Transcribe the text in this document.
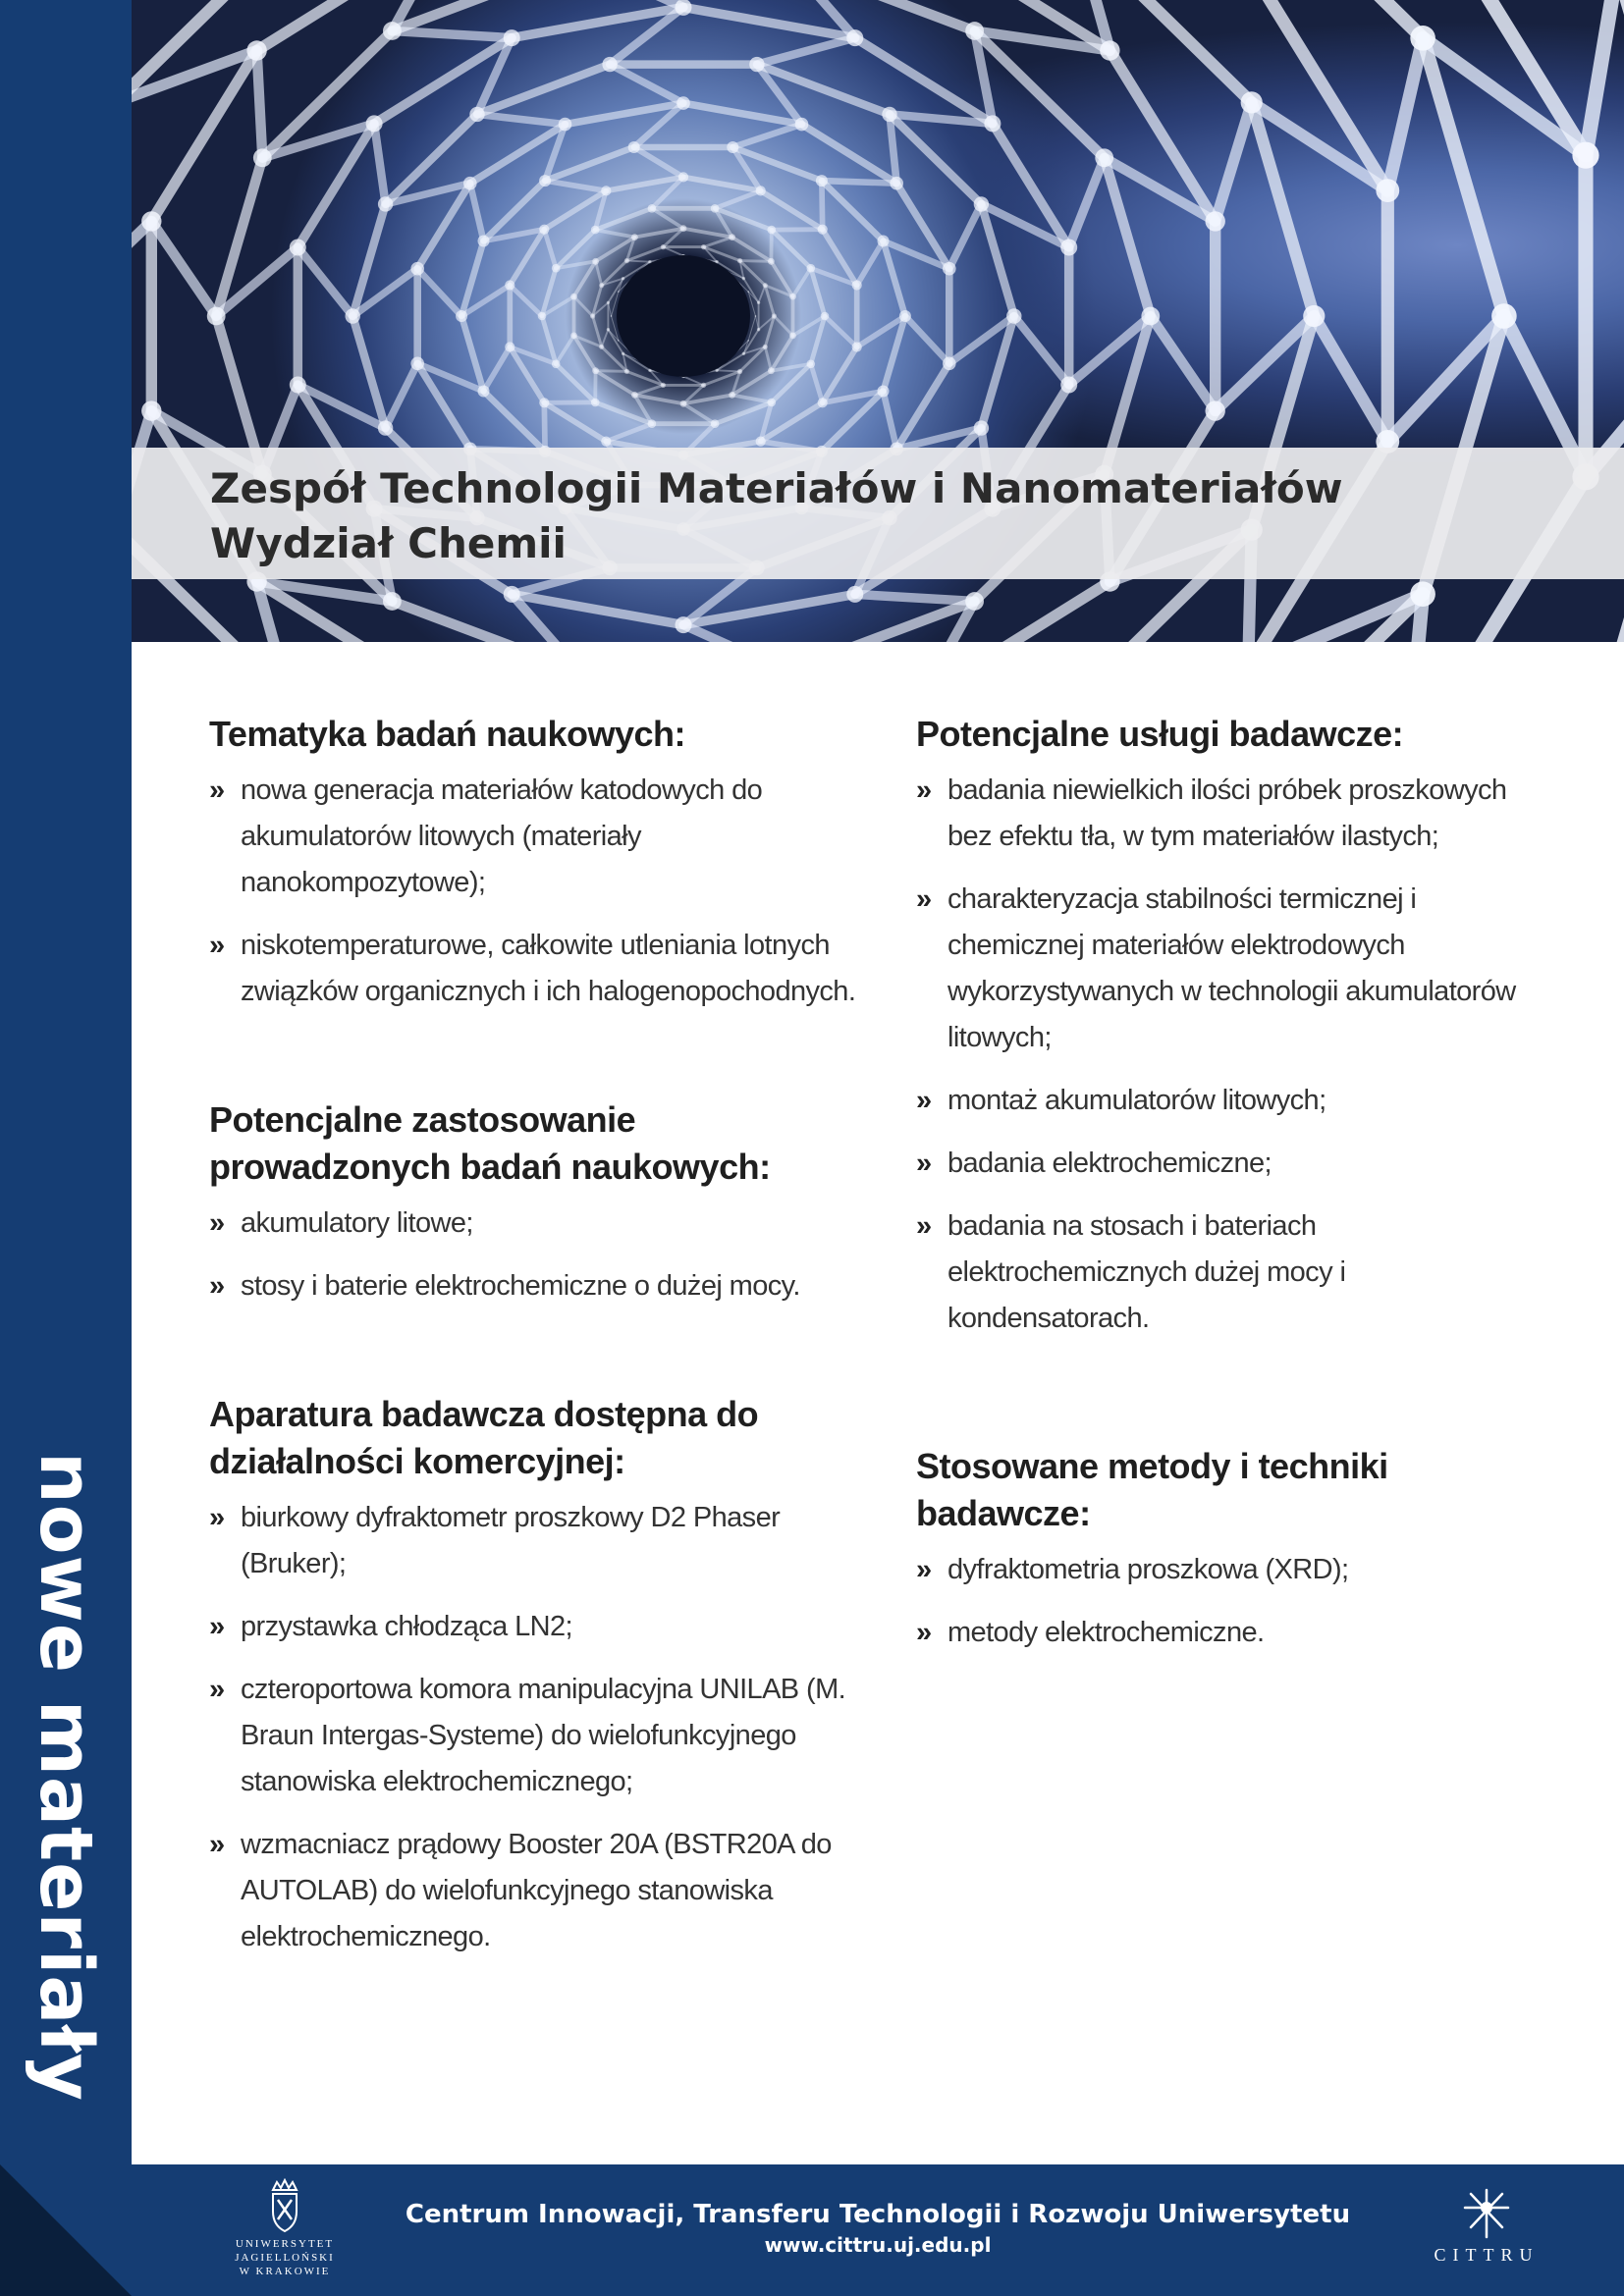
nowe materiały
Zespół Technologii Materiałów i Nanomateriałów
Wydział Chemii
Tematyka badań naukowych:
» nowa generacja materiałów katodowych do akumulatorów litowych (materiały nanokompozytowe);
» niskotemperaturowe, całkowite utleniania lotnych związków organicznych i ich halogenopochodnych.
Potencjalne zastosowanie prowadzonych badań naukowych:
» akumulatory litowe;
» stosy i baterie elektrochemiczne o dużej mocy.
Aparatura badawcza dostępna do działalności komercyjnej:
» biurkowy dyfraktometr proszkowy D2 Phaser (Bruker);
» przystawka chłodząca LN2;
» czteroportowa komora manipulacyjna UNILAB (M. Braun Intergas-Systeme) do wielofunkcyjnego stanowiska elektrochemicznego;
» wzmacniacz prądowy Booster 20A (BSTR20A do AUTOLAB) do wielofunkcyjnego stanowiska elektrochemicznego.
Potencjalne usługi badawcze:
» badania niewielkich ilości próbek proszkowych bez efektu tła, w tym materiałów ilastych;
» charakteryzacja stabilności termicznej i chemicznej materiałów elektrodowych wykorzystywanych w technologii akumulatorów litowych;
» montaż akumulatorów litowych;
» badania elektrochemiczne;
» badania na stosach i bateriach elektrochemicznych dużej mocy i kondensatorach.
Stosowane metody i techniki badawcze:
» dyfraktometria proszkowa (XRD);
» metody elektrochemiczne.
UNIWERSYTET JAGIELLOŃSKI
W KRAKOWIE
Centrum Innowacji, Transferu Technologii i Rozwoju Uniwersytetu
www.cittru.uj.edu.pl	CITTRU
